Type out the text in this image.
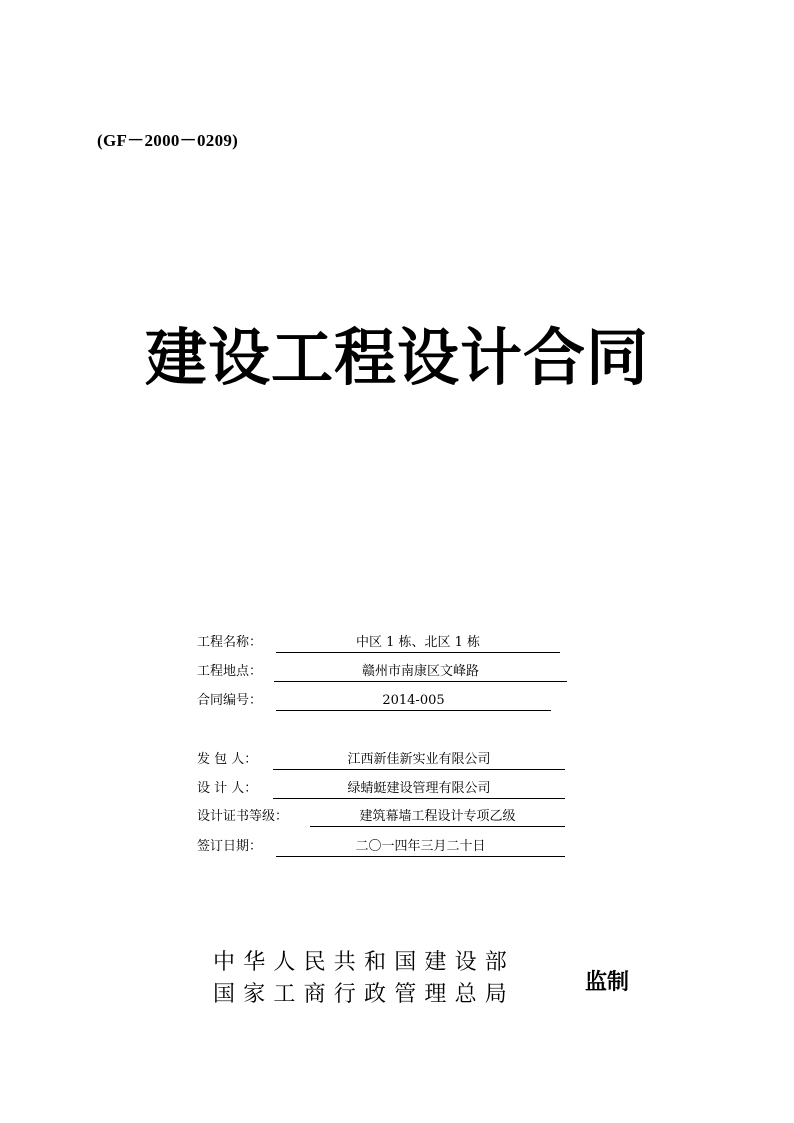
(GF－2000－0209)
建设工程设计合同
工程名称：	中区 1 栋、北区 1 栋
工程地点：	赣州市南康区文峰路
合同编号：	2014-005
发 包 人：	江西新佳新实业有限公司
设 计 人：	绿蜻蜓建设管理有限公司
设计证书等级：	建筑幕墙工程设计专项乙级
签订日期：	二〇一四年三月二十日
中华人民共和国建设部
国家工商行政管理总局	监制
